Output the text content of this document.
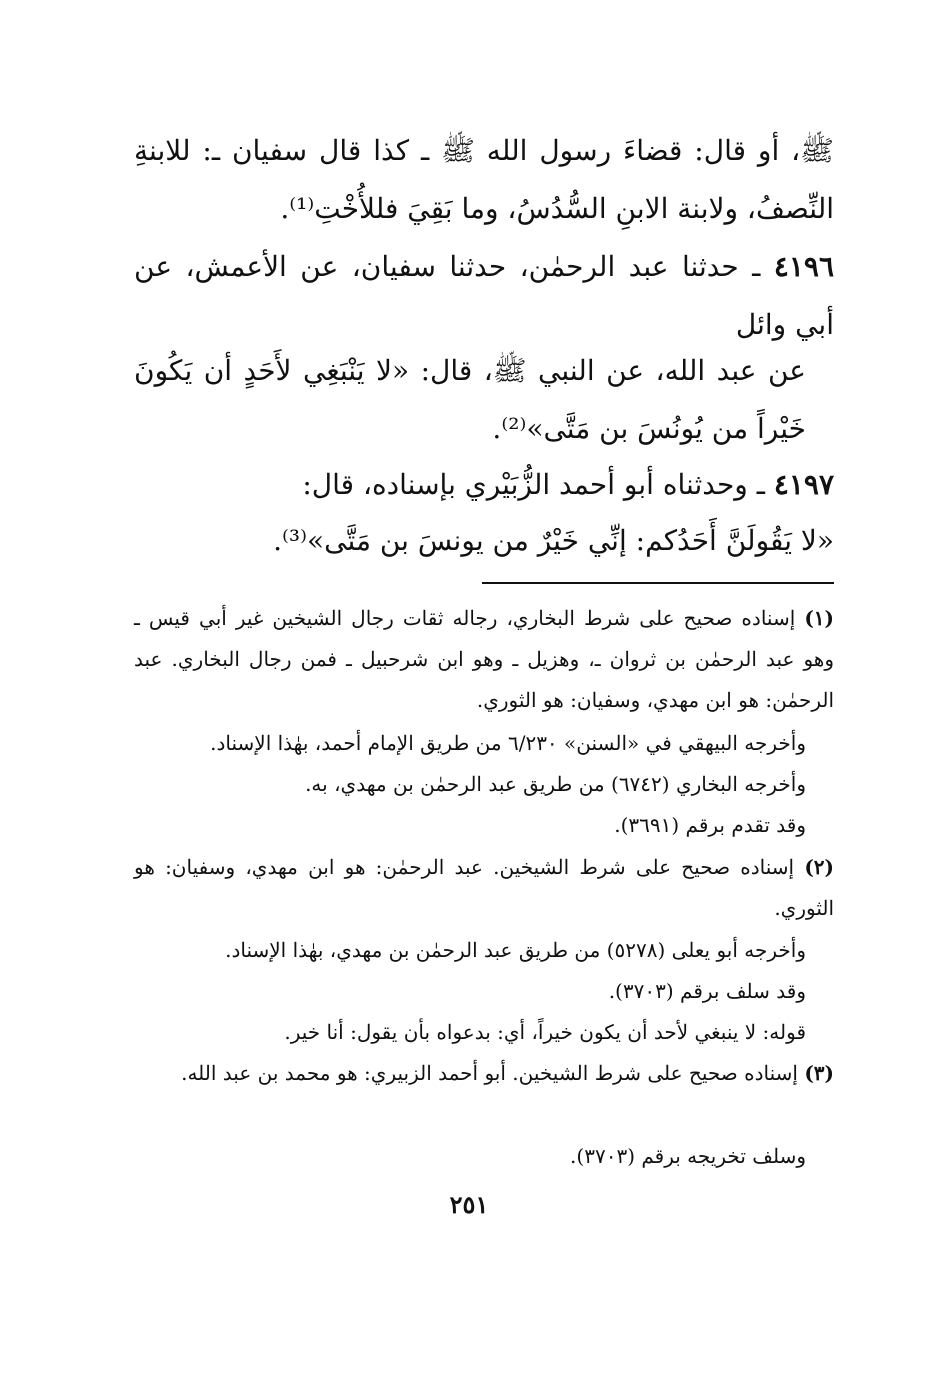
ﷺ، أو قال: قضاءَ رسول الله ﷺ ـ كذا قال سفيان ـ: للابنةِ النِّصفُ، ولابنة الابنِ السُّدُسُ، وما بَقِيَ فللأُخْتِ⁽¹⁾.

٤١٩٦ ـ حدثنا عبد الرحمٰن، حدثنا سفيان، عن الأعمش، عن أبي وائل

عن عبد الله، عن النبي ﷺ، قال: «لا يَنْبَغِي لأَحَدٍ أن يَكُونَ خَيْراً من يُونُسَ بن مَتَّى»⁽²⁾.

٤١٩٧ ـ وحدثناه أبو أحمد الزُّبَيْري بإسناده، قال:

«لا يَقُولَنَّ أَحَدُكم: إنِّي خَيْرٌ من يونسَ بن مَتَّى»⁽³⁾.

(١) إسناده صحيح على شرط البخاري، رجاله ثقات رجال الشيخين غير أبي قيس ـ وهو عبد الرحمٰن بن ثروان ـ، وهزيل ـ وهو ابن شرحبيل ـ فمن رجال البخاري. عبد الرحمٰن: هو ابن مهدي، وسفيان: هو الثوري.

وأخرجه البيهقي في «السنن» ٦/٢٣٠ من طريق الإمام أحمد، بهٰذا الإسناد.

وأخرجه البخاري (٦٧٤٢) من طريق عبد الرحمٰن بن مهدي، به.

وقد تقدم برقم (٣٦٩١).

(٢) إسناده صحيح على شرط الشيخين. عبد الرحمٰن: هو ابن مهدي، وسفيان: هو الثوري.

وأخرجه أبو يعلى (٥٢٧٨) من طريق عبد الرحمٰن بن مهدي، بهٰذا الإسناد.

وقد سلف برقم (٣٧٠٣).

قوله: لا ينبغي لأحد أن يكون خيراً، أي: بدعواه بأن يقول: أنا خير.

(٣) إسناده صحيح على شرط الشيخين. أبو أحمد الزبيري: هو محمد بن عبد الله.

وسلف تخريجه برقم (٣٧٠٣).

٢٥١
